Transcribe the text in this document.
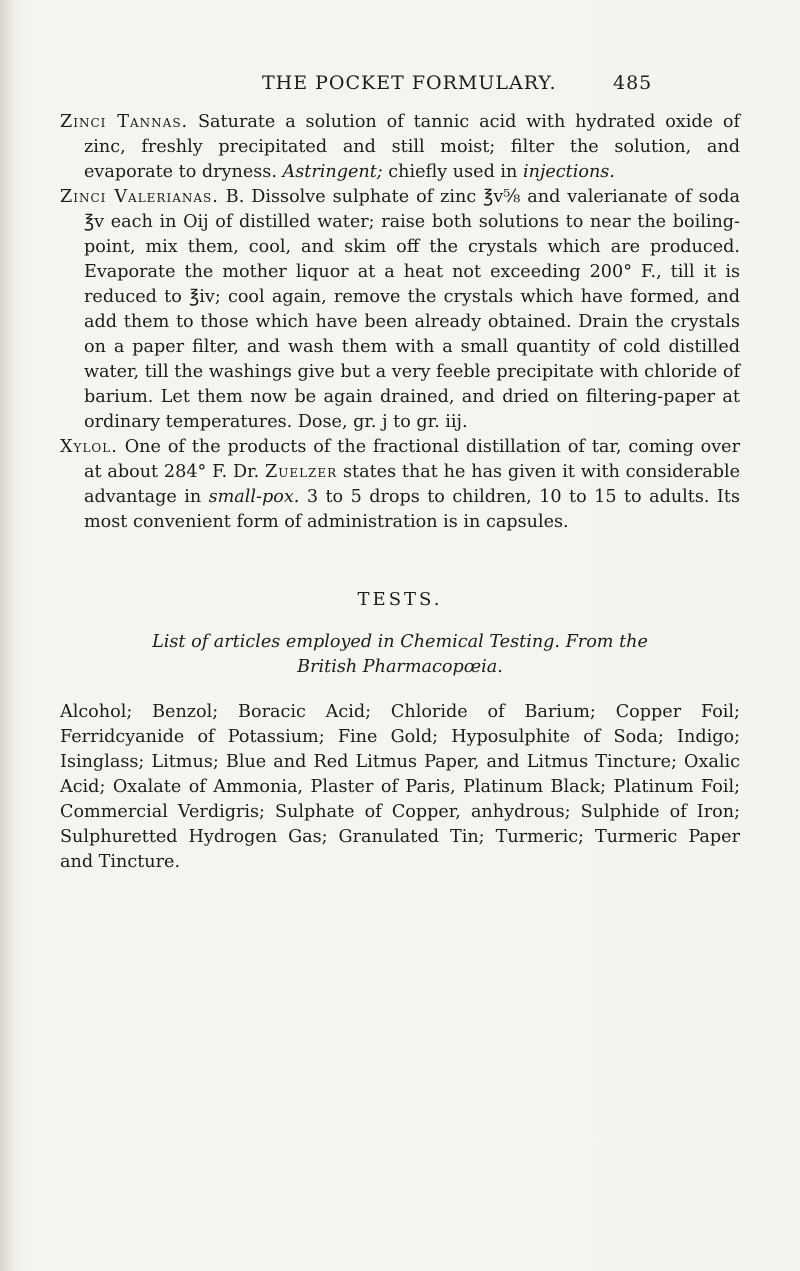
THE POCKET FORMULARY.	485

Zinci Tannas. Saturate a solution of tannic acid with hydrated oxide of zinc, freshly precipitated and still moist; filter the solution, and evaporate to dryness. Astringent; chiefly used in injections.

Zinci Valerianas. B. Dissolve sulphate of zinc ℥v⅝ and valerianate of soda ℥v each in Oij of distilled water; raise both solutions to near the boiling-point, mix them, cool, and skim off the crystals which are produced. Evaporate the mother liquor at a heat not exceeding 200° F., till it is reduced to ℥iv; cool again, remove the crystals which have formed, and add them to those which have been already obtained. Drain the crystals on a paper filter, and wash them with a small quantity of cold distilled water, till the washings give but a very feeble precipitate with chloride of barium. Let them now be again drained, and dried on filtering-paper at ordinary temperatures. Dose, gr. j to gr. iij.

Xylol. One of the products of the fractional distillation of tar, coming over at about 284° F. Dr. Zuelzer states that he has given it with considerable advantage in small-pox. 3 to 5 drops to children, 10 to 15 to adults. Its most convenient form of administration is in capsules.

TESTS.
List of articles employed in Chemical Testing. From the
British Pharmacopœia.

Alcohol; Benzol; Boracic Acid; Chloride of Barium; Copper Foil; Ferridcyanide of Potassium; Fine Gold; Hyposulphite of Soda; Indigo; Isinglass; Litmus; Blue and Red Litmus Paper, and Litmus Tincture; Oxalic Acid; Oxalate of Ammonia, Plaster of Paris, Platinum Black; Platinum Foil; Commercial Verdigris; Sulphate of Copper, anhydrous; Sulphide of Iron; Sulphuretted Hydrogen Gas; Granulated Tin; Turmeric; Turmeric Paper and Tincture.
